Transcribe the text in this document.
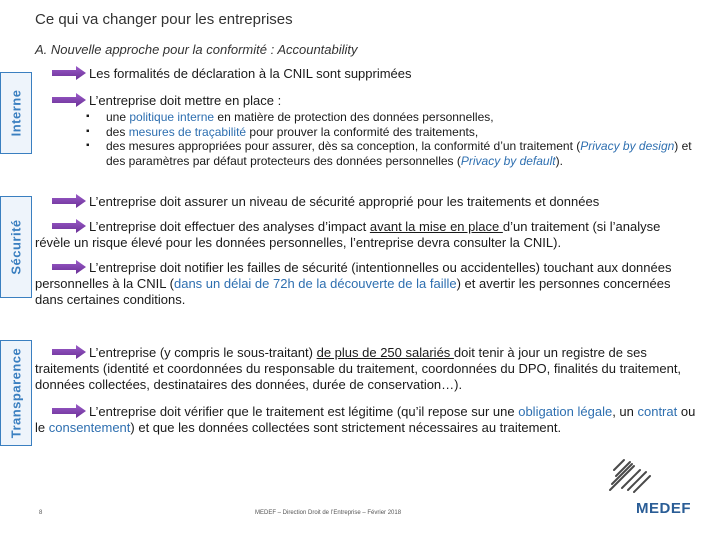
Ce qui va changer pour les entreprises
A. Nouvelle approche pour la conformité : Accountability
Interne
Sécurité
Transparence
Les formalités de déclaration à la CNIL sont supprimées
L’entreprise doit mettre en place :
▪ une politique interne en matière de protection des données personnelles,
▪ des mesures de traçabilité pour prouver la conformité des traitements,
▪ des mesures appropriées pour assurer, dès sa conception, la conformité d’un traitement (Privacy by design) et des paramètres par défaut protecteurs des données personnelles (Privacy by default).
L’entreprise doit assurer un niveau de sécurité approprié pour les traitements et données
L’entreprise doit effectuer des analyses d’impact avant la mise en place d’un traitement (si l’analyse révèle un risque élevé pour les données personnelles, l’entreprise devra consulter la CNIL).
L’entreprise doit notifier les failles de sécurité (intentionnelles ou accidentelles) touchant aux données personnelles à la CNIL (dans un délai de 72h de la découverte de la faille) et avertir les personnes concernées dans certaines conditions.
L’entreprise (y compris le sous-traitant) de plus de 250 salariés doit tenir à jour un registre de ses traitements (identité et coordonnées du responsable du traitement, coordonnées du DPO, finalités du traitement, données collectées, destinataires des données, durée de conservation…).
L’entreprise doit vérifier que le traitement est légitime (qu’il repose sur une obligation légale, un contrat ou le consentement) et que les données collectées sont strictement nécessaires au traitement.
8	MEDEF – Direction Droit de l’Entreprise – Février 2018	MEDEF
